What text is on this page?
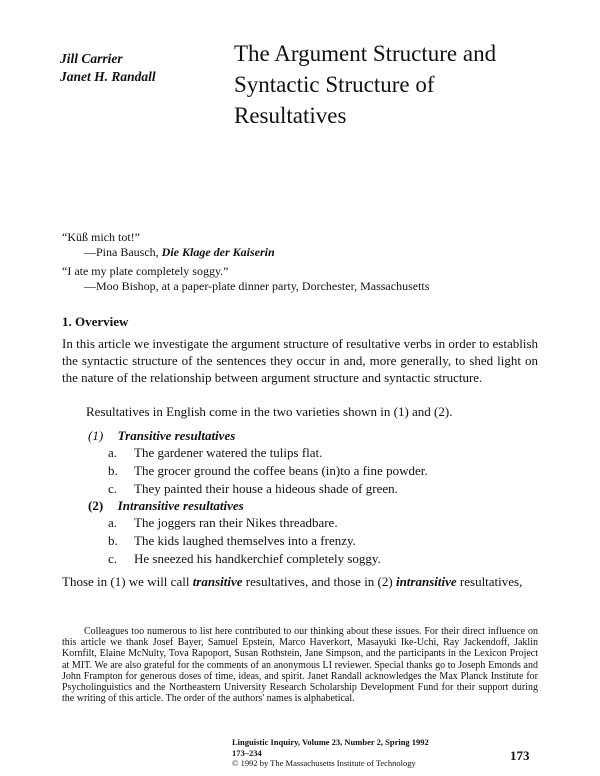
Jill Carrier
Janet H. Randall
The Argument Structure and
Syntactic Structure of
Resultatives
“Küß mich tot!”
—Pina Bausch, Die Klage der Kaiserin
“I ate my plate completely soggy.”
—Moo Bishop, at a paper-plate dinner party, Dorchester, Massachusetts
1. Overview
In this article we investigate the argument structure of resultative verbs in order to establish the syntactic structure of the sentences they occur in and, more generally, to shed light on the nature of the relationship between argument structure and syntactic structure.
Resultatives in English come in the two varieties shown in (1) and (2).
(1) Transitive resultatives
a. The gardener watered the tulips flat.
b. The grocer ground the coffee beans (in)to a fine powder.
c. They painted their house a hideous shade of green.
(2) Intransitive resultatives
a. The joggers ran their Nikes threadbare.
b. The kids laughed themselves into a frenzy.
c. He sneezed his handkerchief completely soggy.
Those in (1) we will call transitive resultatives, and those in (2) intransitive resultatives,
Colleagues too numerous to list here contributed to our thinking about these issues. For their direct influence on this article we thank Josef Bayer, Samuel Epstein, Marco Haverkort, Masayuki Ike-Uchi, Ray Jackendoff, Jaklin Kornfilt, Elaine McNulty, Tova Rapoport, Susan Rothstein, Jane Simpson, and the participants in the Lexicon Project at MIT. We are also grateful for the comments of an anonymous LI reviewer. Special thanks go to Joseph Emonds and John Frampton for generous doses of time, ideas, and spirit. Janet Randall acknowledges the Max Planck Institute for Psycholinguistics and the Northeastern University Research Scholarship Development Fund for their support during the writing of this article. The order of the authors' names is alphabetical.
Linguistic Inquiry, Volume 23, Number 2, Spring 1992
173–234
© 1992 by The Massachusetts Institute of Technology	173
